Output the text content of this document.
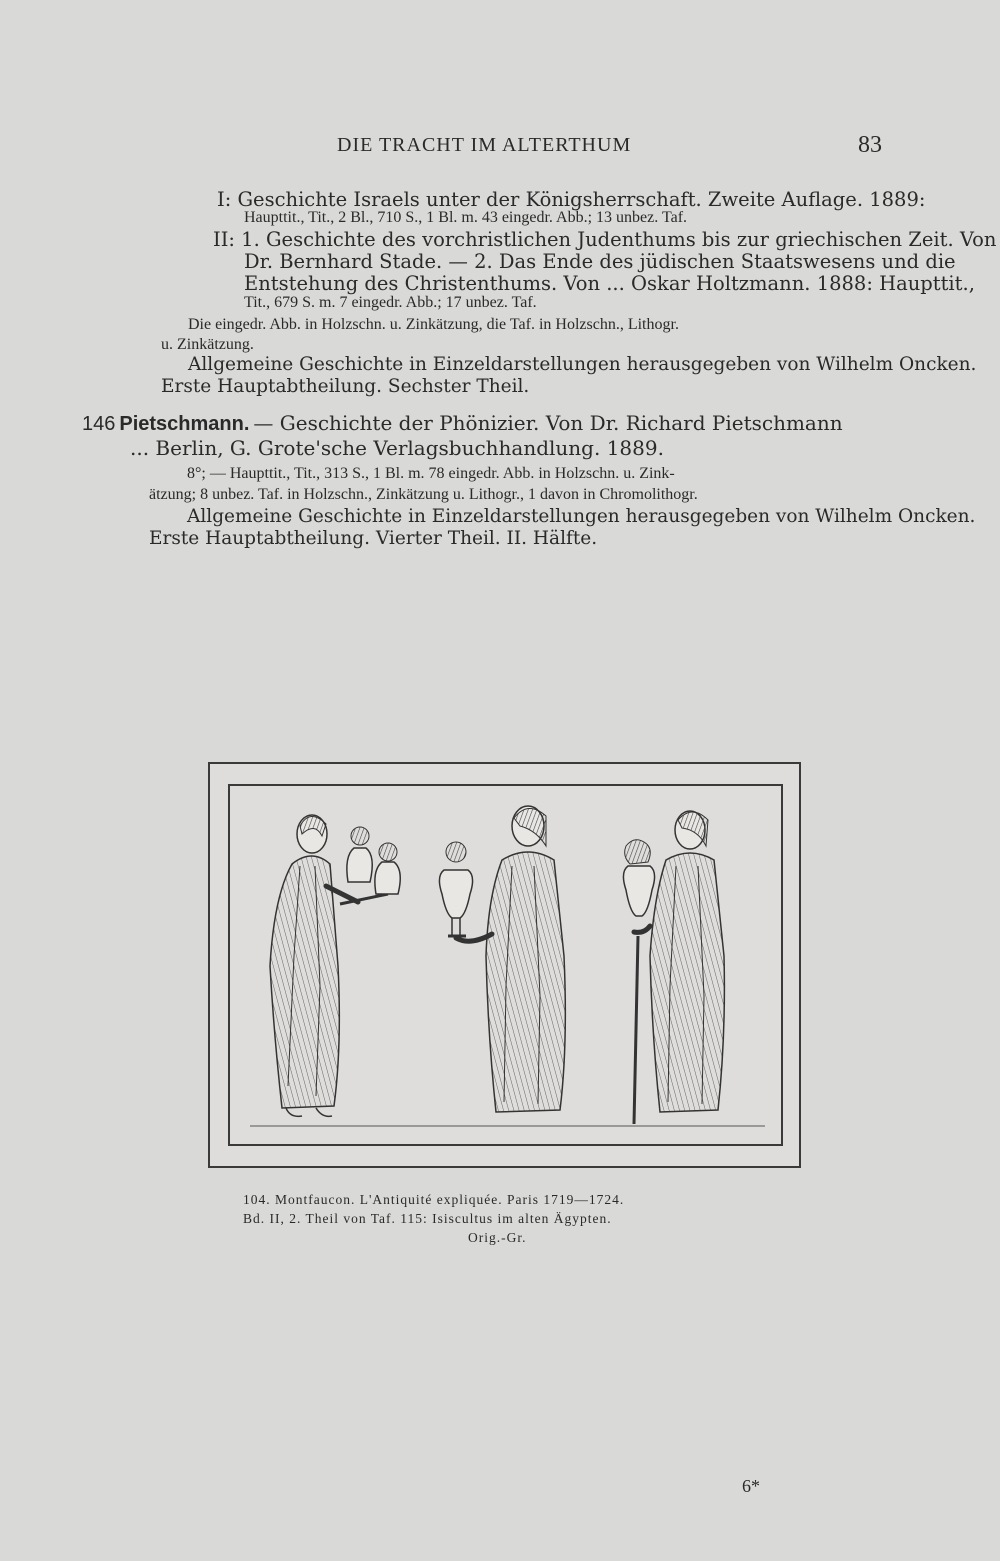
DIE TRACHT IM ALTERTHUM	83
I: Geschichte Israels unter der Königsherrschaft. Zweite Auflage. 1889:
Haupttit., Tit., 2 Bl., 710 S., 1 Bl. m. 43 eingedr. Abb.; 13 unbez. Taf.
II: 1. Geschichte des vorchristlichen Judenthums bis zur griechischen Zeit. Von
Dr. Bernhard Stade. — 2. Das Ende des jüdischen Staatswesens und die
Entstehung des Christenthums. Von ... Oskar Holtzmann. 1888: Haupttit.,
Tit., 679 S. m. 7 eingedr. Abb.; 17 unbez. Taf.
Die eingedr. Abb. in Holzschn. u. Zinkätzung, die Taf. in Holzschn., Lithogr.
u. Zinkätzung.
Allgemeine Geschichte in Einzeldarstellungen herausgegeben von Wilhelm Oncken.
Erste Hauptabtheilung. Sechster Theil.
146 Pietschmann. — Geschichte der Phönizier. Von Dr. Richard Pietschmann
... Berlin, G. Grote'sche Verlagsbuchhandlung. 1889.
8°; — Haupttit., Tit., 313 S., 1 Bl. m. 78 eingedr. Abb. in Holzschn. u. Zink-
ätzung; 8 unbez. Taf. in Holzschn., Zinkätzung u. Lithogr., 1 davon in Chromolithogr.
Allgemeine Geschichte in Einzeldarstellungen herausgegeben von Wilhelm Oncken.
Erste Hauptabtheilung. Vierter Theil. II. Hälfte.
104. Montfaucon. L'Antiquité expliquée. Paris 1719—1724.
Bd. II, 2. Theil von Taf. 115: Isiscultus im alten Ägypten.
Orig.-Gr.
6*
